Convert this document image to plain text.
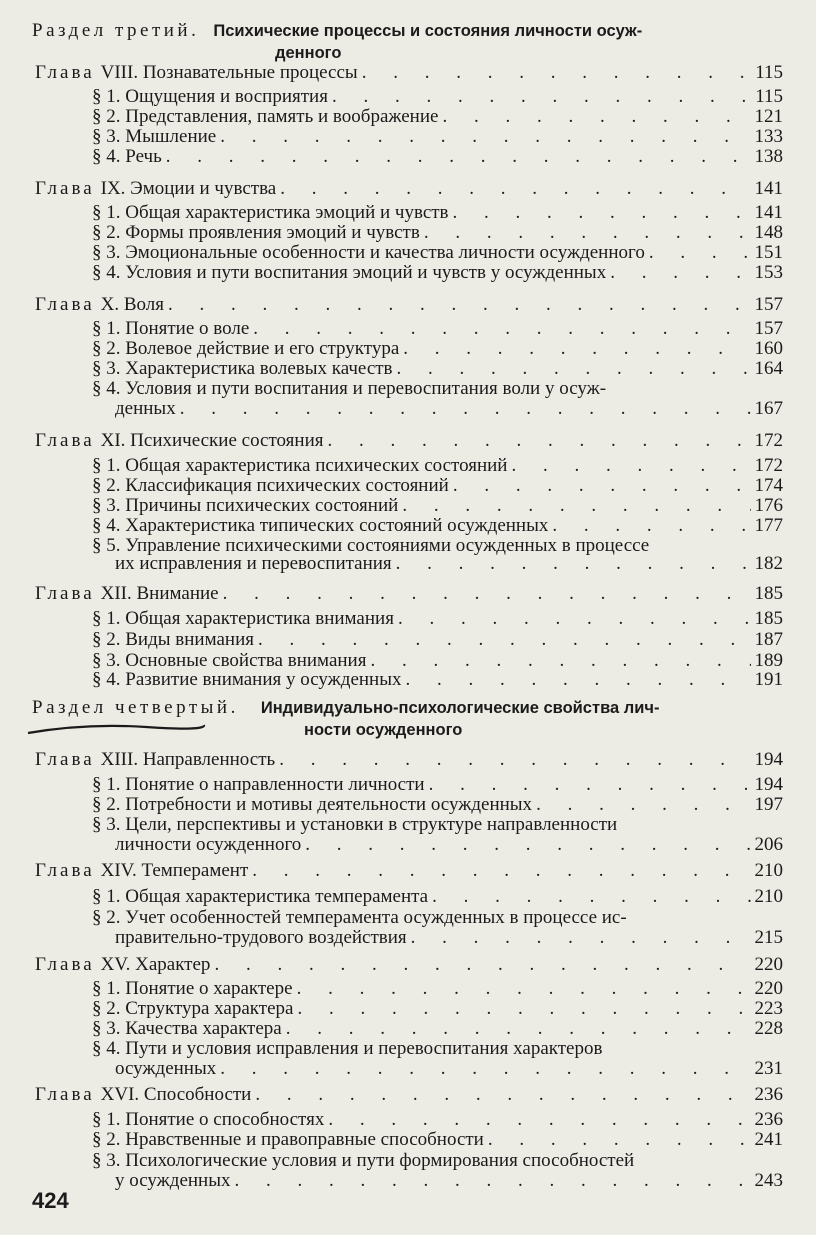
Раздел третий. Психические процессы и состояния личности осуж-
денного
Глава VIII. Познавательные процессы . . .	115
§ 1. Ощущения и восприятия . . .	115
§ 2. Представления, память и воображение . . .	121
§ 3. Мышление . . .	133
§ 4. Речь . . .	138
Глава IX. Эмоции и чувства . . .	141
§ 1. Общая характеристика эмоций и чувств . . .	141
§ 2. Формы проявления эмоций и чувств . . .	148
§ 3. Эмоциональные особенности и качества личности осужденного . . .	151
§ 4. Условия и пути воспитания эмоций и чувств у осужденных . . .	153
Глава X. Воля . . .	157
§ 1. Понятие о воле . . .	157
§ 2. Волевое действие и его структура . . .	160
§ 3. Характеристика волевых качеств . . .	164
§ 4. Условия и пути воспитания и перевоспитания воли у осуж-
денных . . .	167
Глава XI. Психические состояния . . .	172
§ 1. Общая характеристика психических состояний . . .	172
§ 2. Классификация психических состояний . . .	174
§ 3. Причины психических состояний . . .	176
§ 4. Характеристика типических состояний осужденных . . .	177
§ 5. Управление психическими состояниями осужденных в процессе
их исправления и перевоспитания . . .	182
Глава XII. Внимание . . .	185
§ 1. Общая характеристика внимания . . .	185
§ 2. Виды внимания . . .	187
§ 3. Основные свойства внимания . . .	189
§ 4. Развитие внимания у осужденных . . .	191
Раздел четвертый. Индивидуально-психологические свойства лич-
ности осужденного
Глава XIII. Направленность . . .	194
§ 1. Понятие о направленности личности . . .	194
§ 2. Потребности и мотивы деятельности осужденных . . .	197
§ 3. Цели, перспективы и установки в структуре направленности
личности осужденного . . .	206
Глава XIV. Темперамент . . .	210
§ 1. Общая характеристика темперамента . . .	210
§ 2. Учет особенностей темперамента осужденных в процессе ис-
правительно-трудового воздействия . . .	215
Глава XV. Характер . . .	220
§ 1. Понятие о характере . . .	220
§ 2. Структура характера . . .	223
§ 3. Качества характера . . .	228
§ 4. Пути и условия исправления и перевоспитания характеров
осужденных . . .	231
Глава XVI. Способности . . .	236
§ 1. Понятие о способностях . . .	236
§ 2. Нравственные и правоправные способности . . .	241
§ 3. Психологические условия и пути формирования способностей
у осужденных . . .	243
424
